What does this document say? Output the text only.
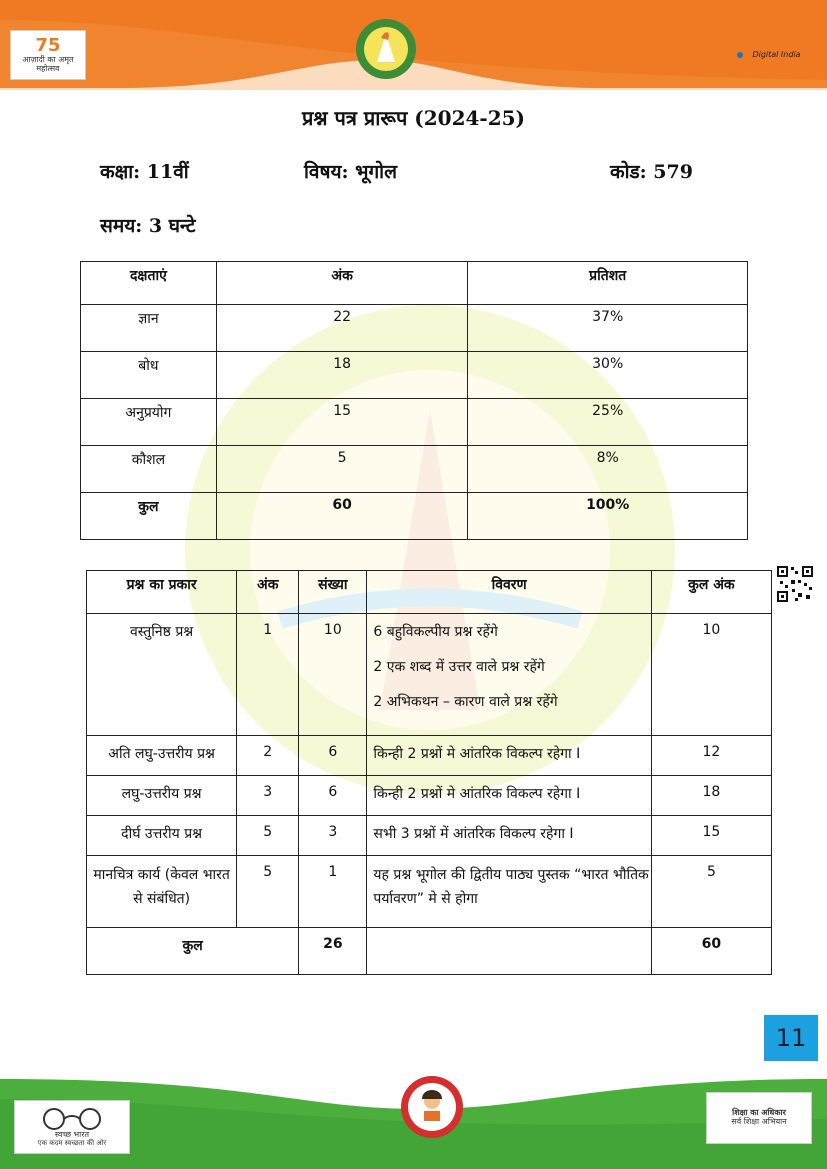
75
आज़ादी का अमृत महोत्सव
Digital India
प्रश्न पत्र प्रारूप (2024-25)
कक्षा: 11वीं	विषय: भूगोल	कोड: 579
समय: 3 घन्टे
दक्षताएं	अंक	प्रतिशत
ज्ञान	22	37%
बोध	18	30%
अनुप्रयोग	15	25%
कौशल	5	8%
कुल	60	100%
प्रश्न का प्रकार	अंक	संख्या	विवरण	कुल अंक
वस्तुनिष्ठ प्रश्न	1	10	6 बहुविकल्पीय प्रश्न रहेंगे
2 एक शब्द में उत्तर वाले प्रश्न रहेंगे
2 अभिकथन – कारण वाले प्रश्न रहेंगे	10
अति लघु-उत्तरीय प्रश्न	2	6	किन्ही 2 प्रश्नों मे आंतरिक विकल्प रहेगा I	12
लघु-उत्तरीय प्रश्न	3	6	किन्ही 2 प्रश्नों मे आंतरिक विकल्प रहेगा I	18
दीर्घ उत्तरीय प्रश्न	5	3	सभी 3 प्रश्नों में आंतरिक विकल्प रहेगा I	15
मानचित्र कार्य (केवल भारत से संबंधित)	5	1	यह प्रश्न भूगोल की द्वितीय पाठ्य पुस्तक “भारत भौतिक पर्यावरण” मे से होगा	5
कुल		26		60
11
स्वच्छ भारत
एक कदम स्वच्छता की ओर
शिक्षा का अधिकार
सर्व शिक्षा अभियान
